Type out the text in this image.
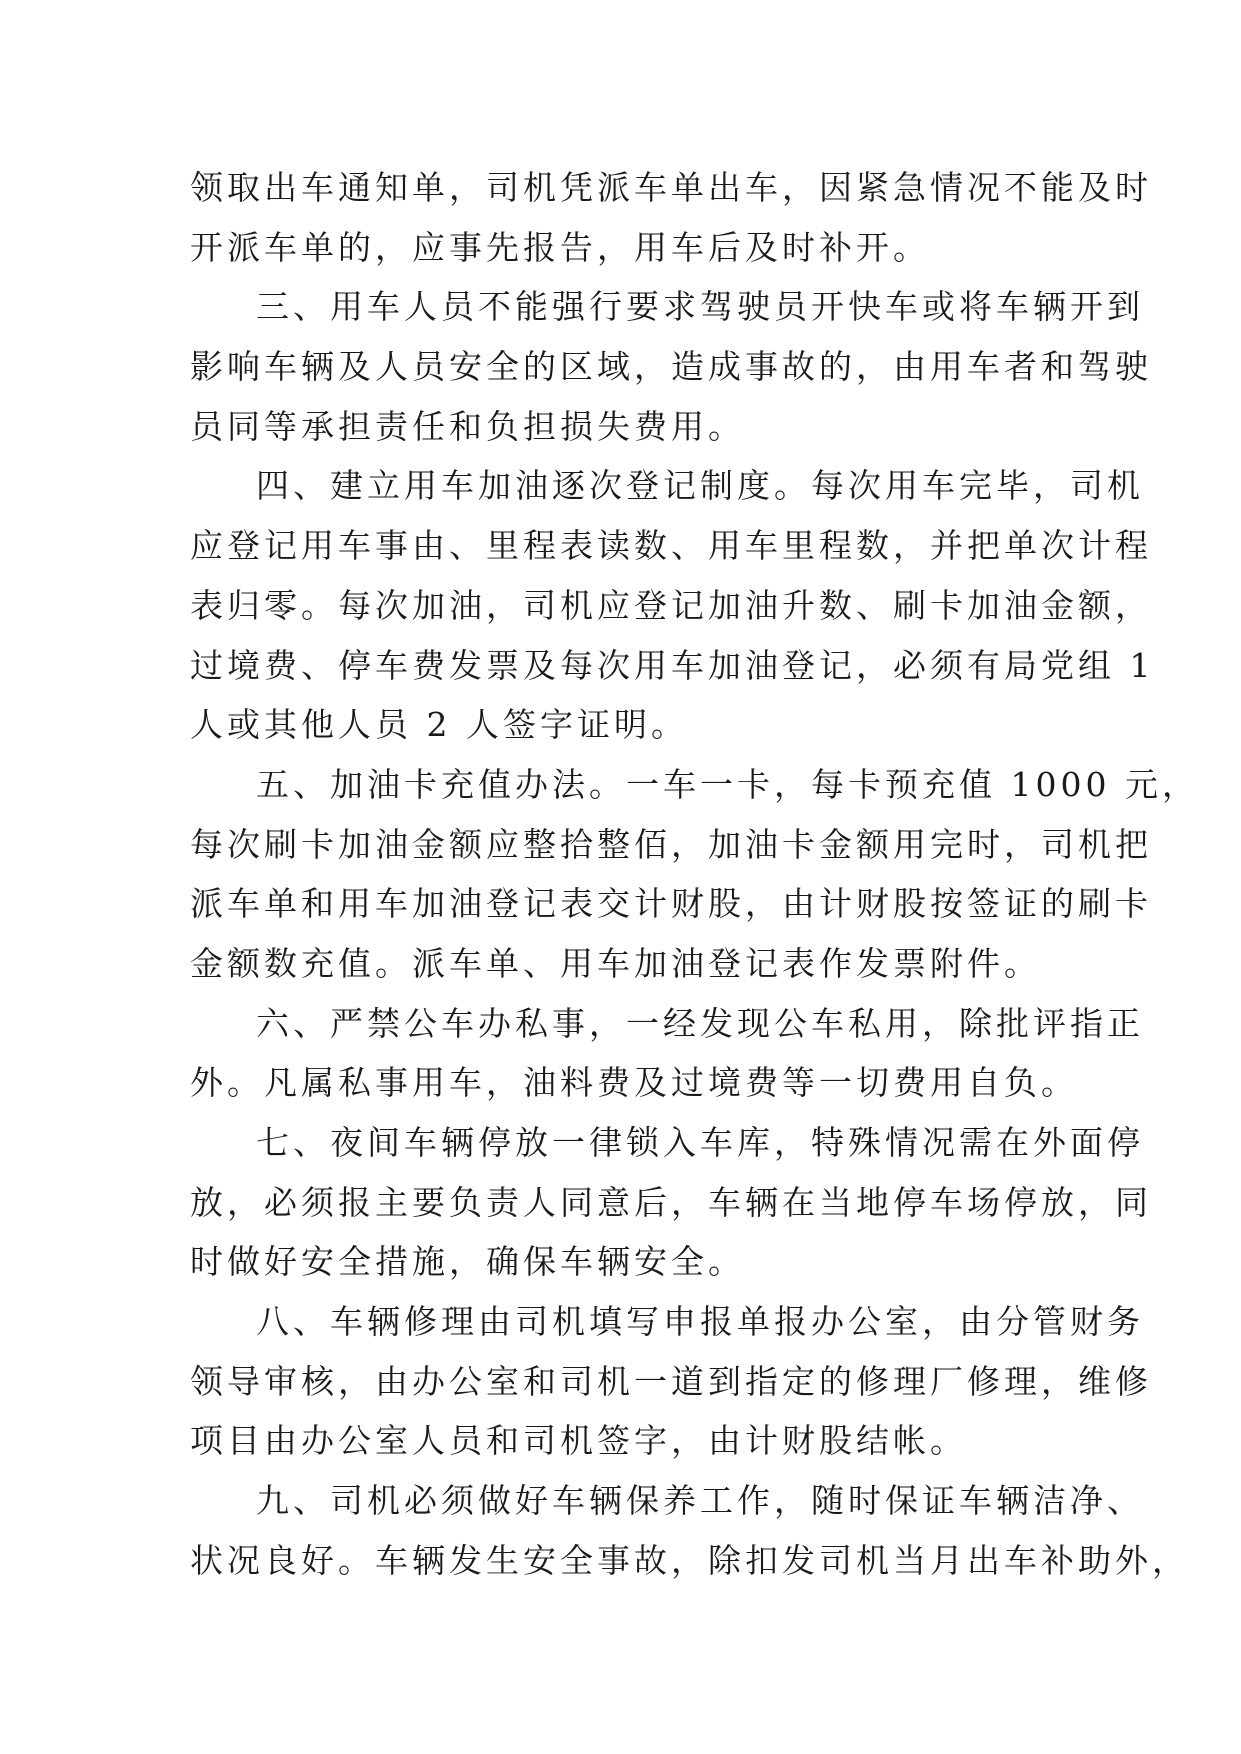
领取出车通知单，司机凭派车单出车，因紧急情况不能及时
开派车单的，应事先报告，用车后及时补开。
三、用车人员不能强行要求驾驶员开快车或将车辆开到
影响车辆及人员安全的区域，造成事故的，由用车者和驾驶
员同等承担责任和负担损失费用。
四、建立用车加油逐次登记制度。每次用车完毕，司机
应登记用车事由、里程表读数、用车里程数，并把单次计程
表归零。每次加油，司机应登记加油升数、刷卡加油金额，
过境费、停车费发票及每次用车加油登记，必须有局党组 1
人或其他人员 2 人签字证明。
五、加油卡充值办法。一车一卡，每卡预充值 1000 元，
每次刷卡加油金额应整拾整佰，加油卡金额用完时，司机把
派车单和用车加油登记表交计财股，由计财股按签证的刷卡
金额数充值。派车单、用车加油登记表作发票附件。
六、严禁公车办私事，一经发现公车私用，除批评指正
外。凡属私事用车，油料费及过境费等一切费用自负。
七、夜间车辆停放一律锁入车库，特殊情况需在外面停
放，必须报主要负责人同意后，车辆在当地停车场停放，同
时做好安全措施，确保车辆安全。
八、车辆修理由司机填写申报单报办公室，由分管财务
领导审核，由办公室和司机一道到指定的修理厂修理，维修
项目由办公室人员和司机签字，由计财股结帐。
九、司机必须做好车辆保养工作，随时保证车辆洁净、
状况良好。车辆发生安全事故，除扣发司机当月出车补助外，
